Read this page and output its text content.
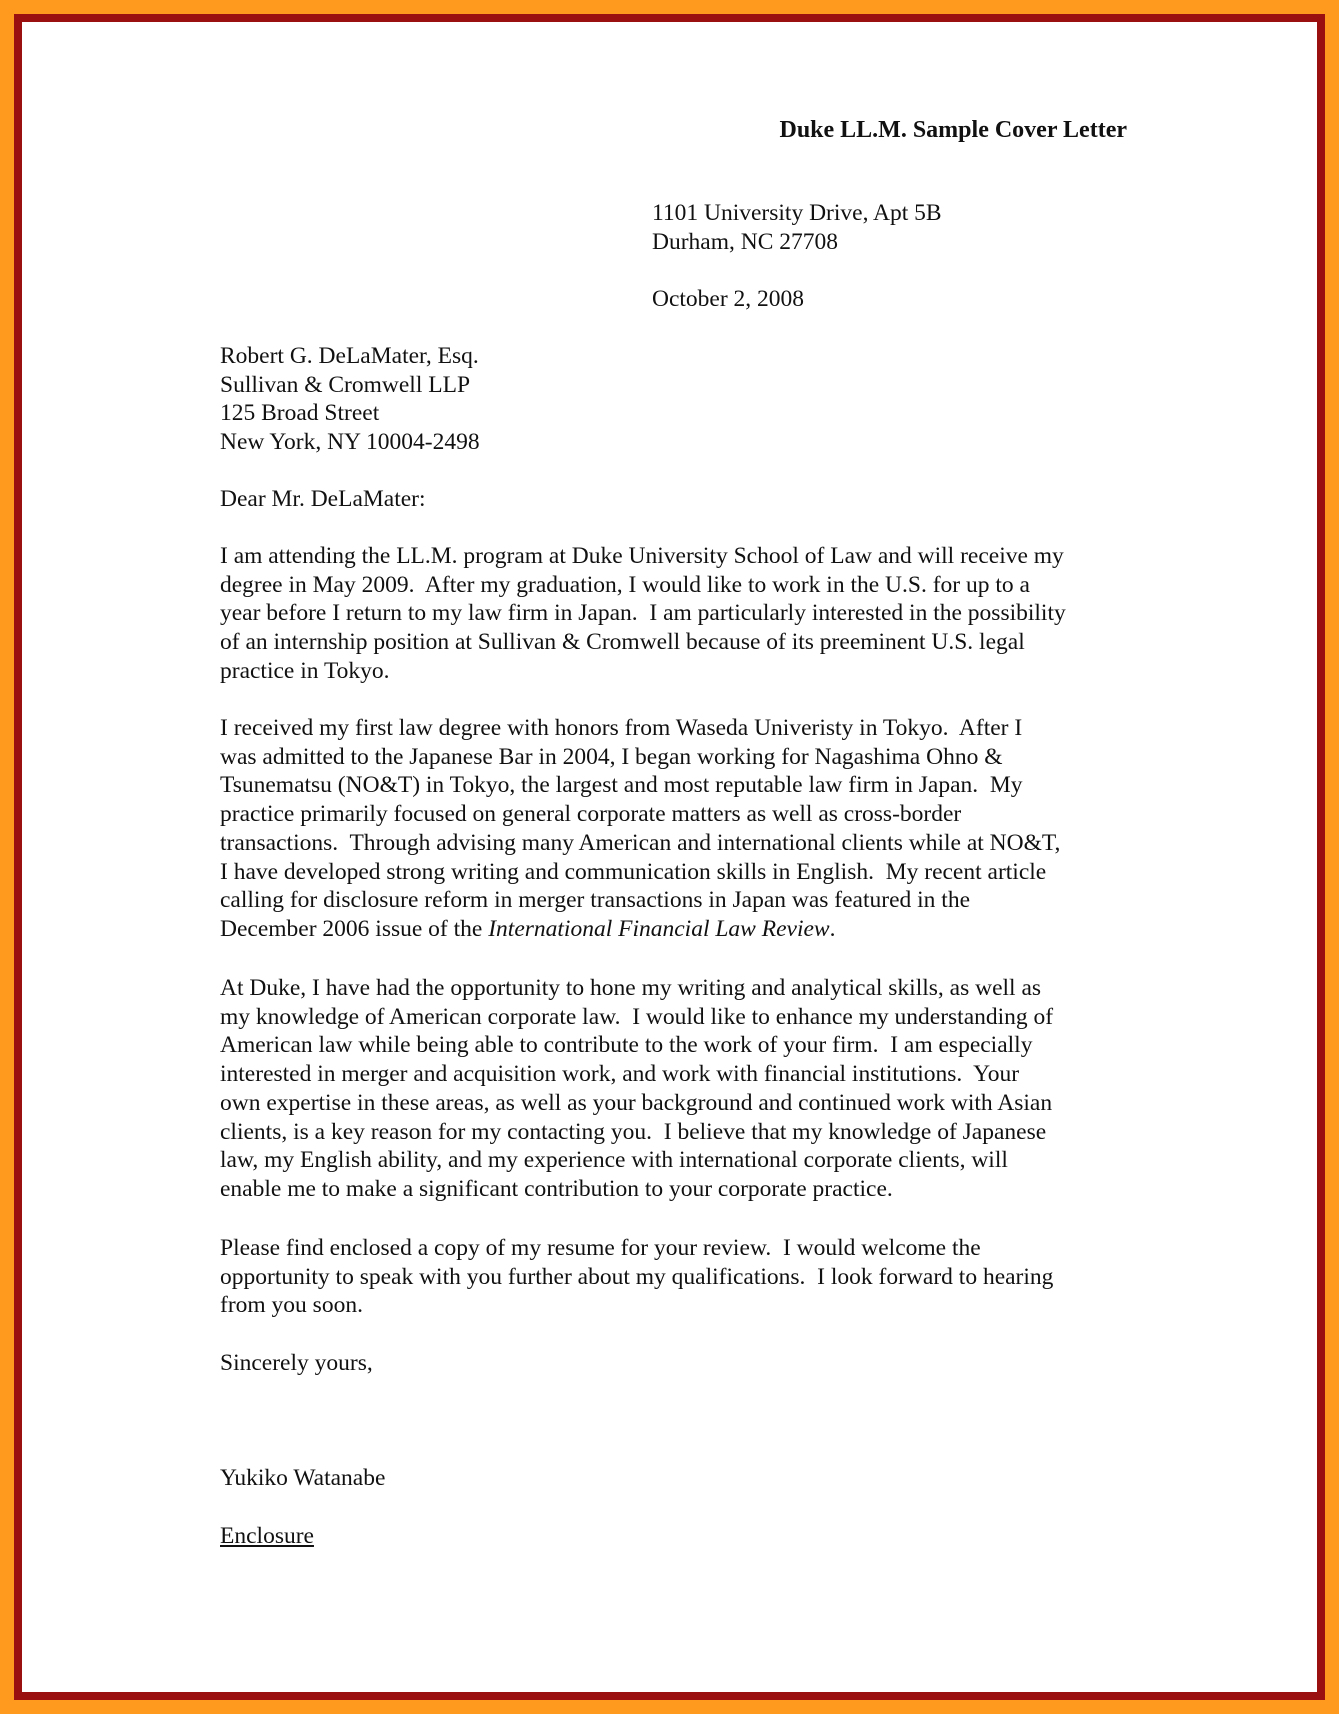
Duke LL.M. Sample Cover Letter
1101 University Drive, Apt 5B
Durham, NC 27708
October 2, 2008
Robert G. DeLaMater, Esq.
Sullivan & Cromwell LLP
125 Broad Street
New York, NY 10004-2498
Dear Mr. DeLaMater:
I am attending the LL.M. program at Duke University School of Law and will receive my
degree in May 2009.  After my graduation, I would like to work in the U.S. for up to a
year before I return to my law firm in Japan.  I am particularly interested in the possibility
of an internship position at Sullivan & Cromwell because of its preeminent U.S. legal
practice in Tokyo.
I received my first law degree with honors from Waseda Univeristy in Tokyo.  After I
was admitted to the Japanese Bar in 2004, I began working for Nagashima Ohno &
Tsunematsu (NO&T) in Tokyo, the largest and most reputable law firm in Japan.  My
practice primarily focused on general corporate matters as well as cross-border
transactions.  Through advising many American and international clients while at NO&T,
I have developed strong writing and communication skills in English.  My recent article
calling for disclosure reform in merger transactions in Japan was featured in the
December 2006 issue of the International Financial Law Review.
At Duke, I have had the opportunity to hone my writing and analytical skills, as well as
my knowledge of American corporate law.  I would like to enhance my understanding of
American law while being able to contribute to the work of your firm.  I am especially
interested in merger and acquisition work, and work with financial institutions.  Your
own expertise in these areas, as well as your background and continued work with Asian
clients, is a key reason for my contacting you.  I believe that my knowledge of Japanese
law, my English ability, and my experience with international corporate clients, will
enable me to make a significant contribution to your corporate practice.
Please find enclosed a copy of my resume for your review.  I would welcome the
opportunity to speak with you further about my qualifications.  I look forward to hearing
from you soon.
Sincerely yours,
Yukiko Watanabe
Enclosure
